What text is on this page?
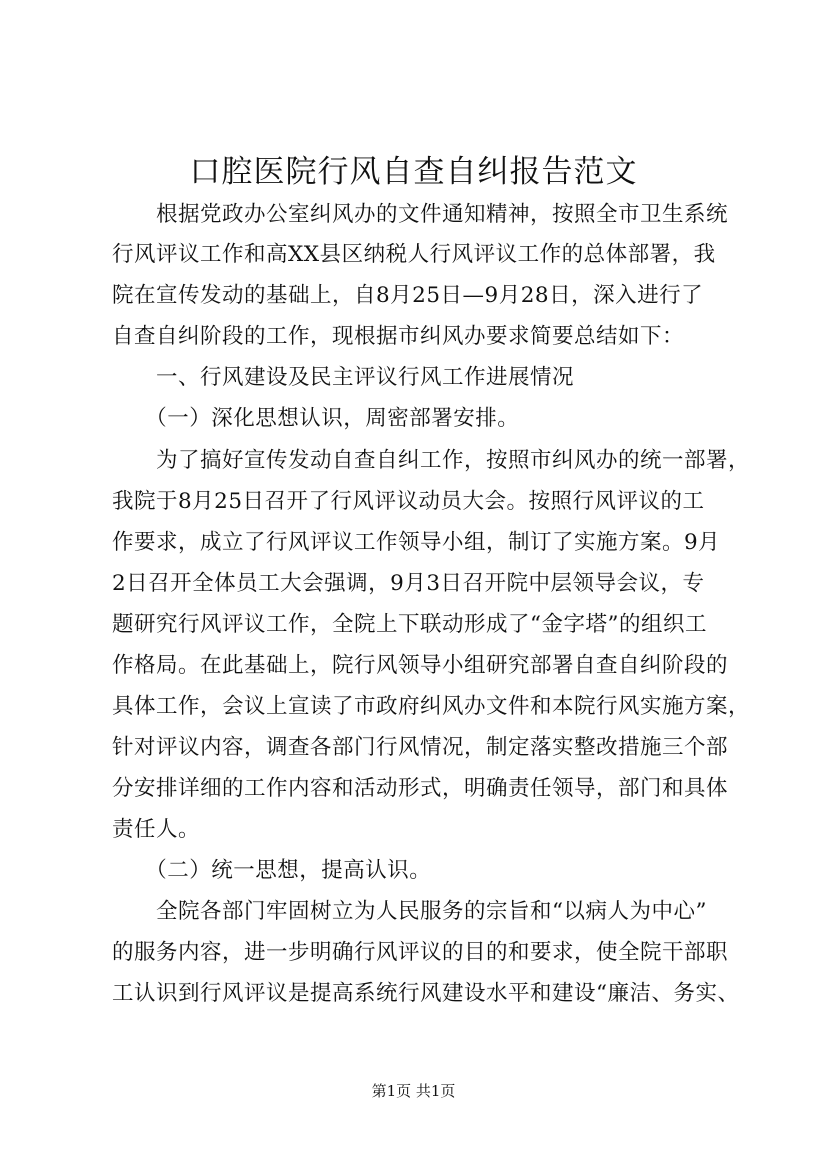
口腔医院行风自查自纠报告范文

　　根据党政办公室纠风办的文件通知精神，按照全市卫生系统

行风评议工作和高XX县区纳税人行风评议工作的总体部署，我

院在宣传发动的基础上，自8月25日—9月28日，深入进行了

自查自纠阶段的工作，现根据市纠风办要求简要总结如下：

　　一、行风建设及民主评议行风工作进展情况

　　（一）深化思想认识，周密部署安排。

　　为了搞好宣传发动自查自纠工作，按照市纠风办的统一部署，

我院于8月25日召开了行风评议动员大会。按照行风评议的工

作要求，成立了行风评议工作领导小组，制订了实施方案。9月

2日召开全体员工大会强调，9月3日召开院中层领导会议，专

题研究行风评议工作，全院上下联动形成了“金字塔”的组织工

作格局。在此基础上，院行风领导小组研究部署自查自纠阶段的

具体工作，会议上宣读了市政府纠风办文件和本院行风实施方案，

针对评议内容，调查各部门行风情况，制定落实整改措施三个部

分安排详细的工作内容和活动形式，明确责任领导，部门和具体

责任人。

　　（二）统一思想，提高认识。

　　全院各部门牢固树立为人民服务的宗旨和“以病人为中心”

的服务内容，进一步明确行风评议的目的和要求，使全院干部职

工认识到行风评议是提高系统行风建设水平和建设“廉洁、务实、

第1页 共1页
